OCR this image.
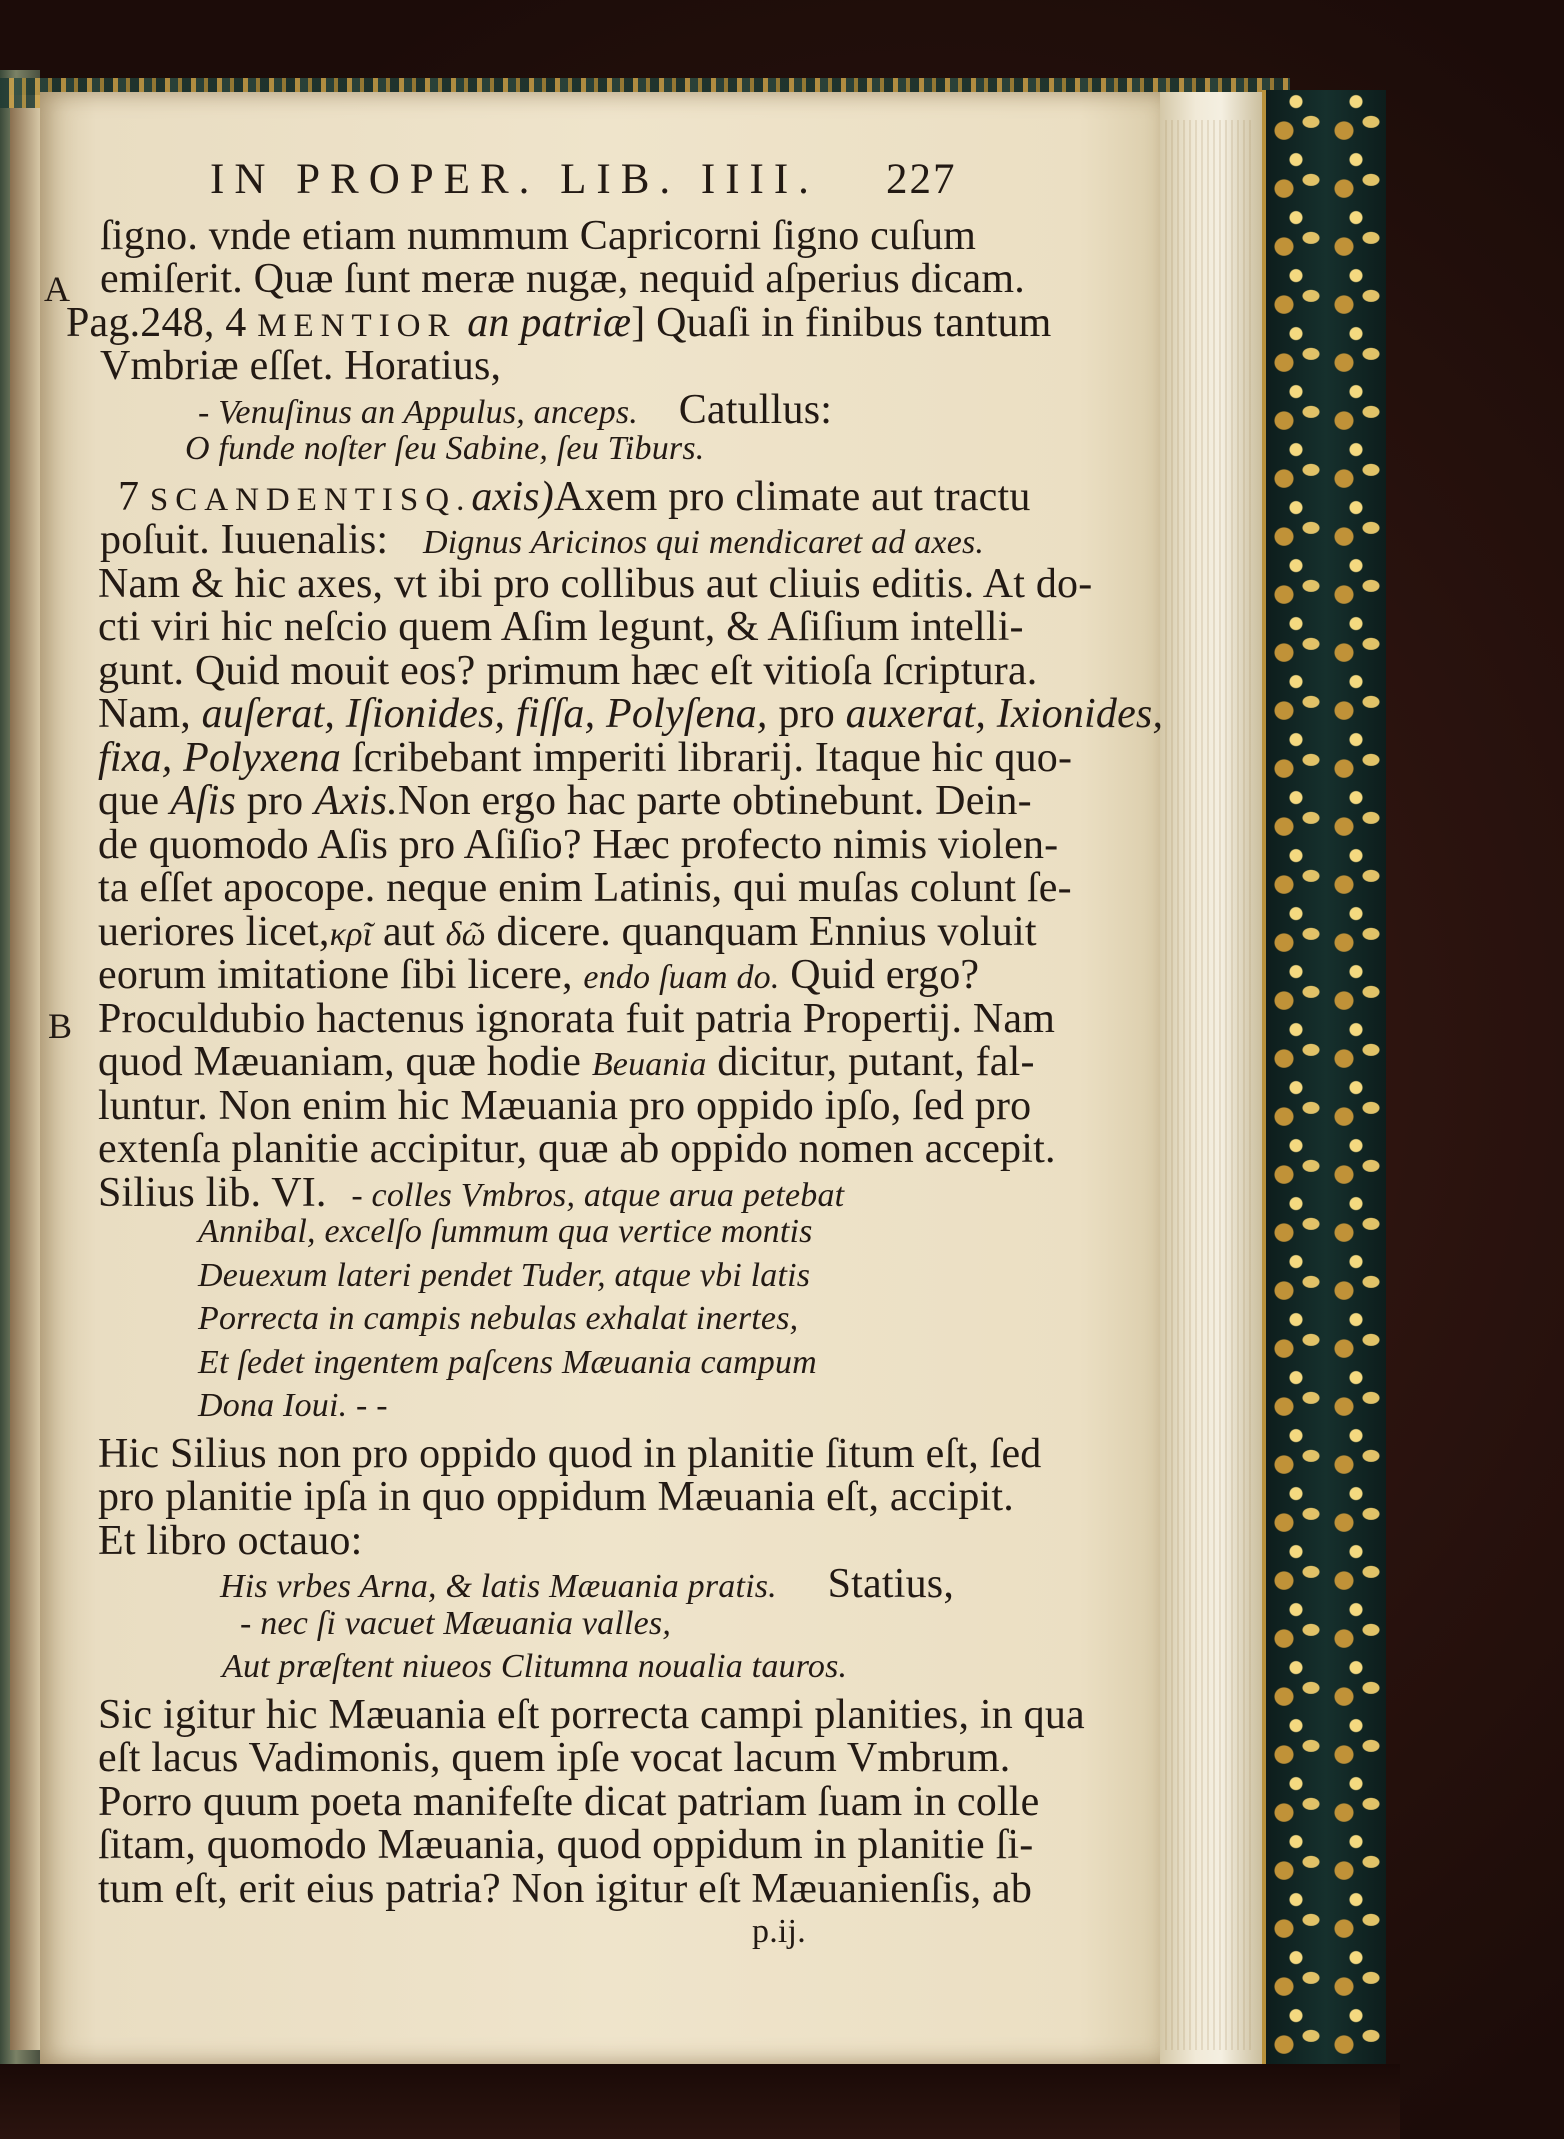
IN PROPER. LIB. IIII. 227
A
B
ſigno. vnde etiam nummum Capricorni ſigno cuſum
emiſerit. Quæ ſunt meræ nugæ, nequid aſperius dicam.
Pag.248, 4 MENTIOR an patriæ] Quaſi in finibus tantum
Vmbriæ eſſet. Horatius,
- Venuſinus an Appulus, anceps. Catullus:
O funde noſter ſeu Sabine, ſeu Tiburs.
7 SCANDENTISQ.axis)Axem pro climate aut tractu
poſuit. Iuuenalis: Dignus Aricinos qui mendicaret ad axes.
Nam & hic axes, vt ibi pro collibus aut cliuis editis. At do-
cti viri hic neſcio quem Aſim legunt, & Aſiſium intelli-
gunt. Quid mouit eos? primum hæc eſt vitioſa ſcriptura.
Nam, auſerat, Iſionides, fiſſa, Polyſena, pro auxerat, Ixionides,
fixa, Polyxena ſcribebant imperiti librarij. Itaque hic quo-
que Aſis pro Axis.Non ergo hac parte obtinebunt. Dein-
de quomodo Aſis pro Aſiſio? Hæc profecto nimis violen-
ta eſſet apocope. neque enim Latinis, qui muſas colunt ſe-
ueriores licet,κρῖ aut δῶ dicere. quanquam Ennius voluit
eorum imitatione ſibi licere, endo ſuam do. Quid ergo?
Proculdubio hactenus ignorata fuit patria Propertij. Nam
quod Mæuaniam, quæ hodie Beuania dicitur, putant, fal-
luntur. Non enim hic Mæuania pro oppido ipſo, ſed pro
extenſa planitie accipitur, quæ ab oppido nomen accepit.
Silius lib. VI. - colles Vmbros, atque arua petebat
Annibal, excelſo ſummum qua vertice montis
Deuexum lateri pendet Tuder, atque vbi latis
Porrecta in campis nebulas exhalat inertes,
Et ſedet ingentem paſcens Mæuania campum
Dona Ioui. - -
Hic Silius non pro oppido quod in planitie ſitum eſt, ſed
pro planitie ipſa in quo oppidum Mæuania eſt, accipit.
Et libro octauo:
His vrbes Arna, & latis Mæuania pratis. Statius,
- nec ſi vacuet Mæuania valles,
Aut præſtent niueos Clitumna noualia tauros.
Sic igitur hic Mæuania eſt porrecta campi planities, in qua
eſt lacus Vadimonis, quem ipſe vocat lacum Vmbrum.
Porro quum poeta manifeſte dicat patriam ſuam in colle
ſitam, quomodo Mæuania, quod oppidum in planitie ſi-
tum eſt, erit eius patria? Non igitur eſt Mæuanienſis, ab
p.ij.
